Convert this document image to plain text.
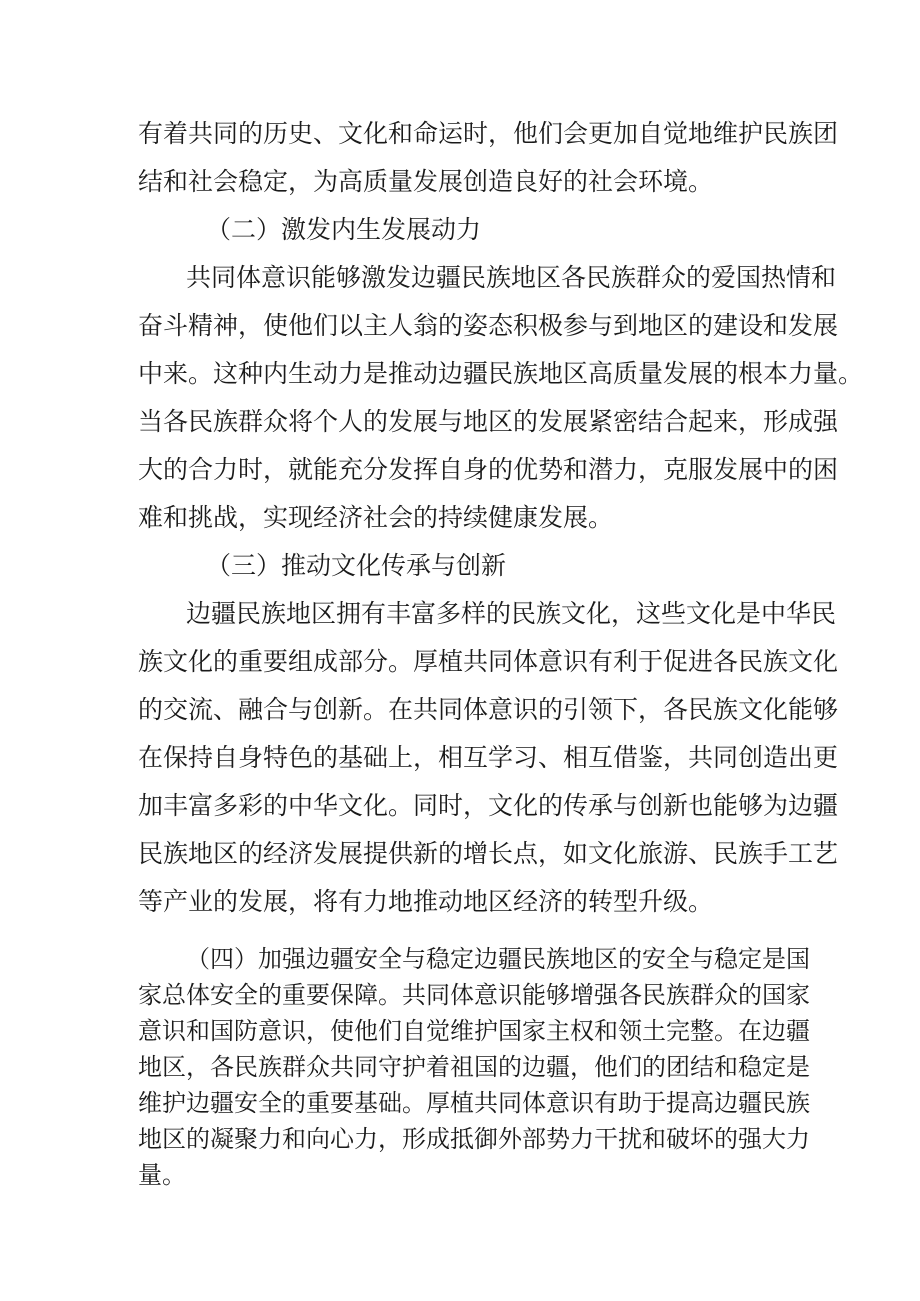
有着共同的历史、文化和命运时，他们会更加自觉地维护民族团
结和社会稳定，为高质量发展创造良好的社会环境。
（二）激发内生发展动力
共同体意识能够激发边疆民族地区各民族群众的爱国热情和
奋斗精神，使他们以主人翁的姿态积极参与到地区的建设和发展
中来。这种内生动力是推动边疆民族地区高质量发展的根本力量。
当各民族群众将个人的发展与地区的发展紧密结合起来，形成强
大的合力时，就能充分发挥自身的优势和潜力，克服发展中的困
难和挑战，实现经济社会的持续健康发展。
（三）推动文化传承与创新
边疆民族地区拥有丰富多样的民族文化，这些文化是中华民
族文化的重要组成部分。厚植共同体意识有利于促进各民族文化
的交流、融合与创新。在共同体意识的引领下，各民族文化能够
在保持自身特色的基础上，相互学习、相互借鉴，共同创造出更
加丰富多彩的中华文化。同时，文化的传承与创新也能够为边疆
民族地区的经济发展提供新的增长点，如文化旅游、民族手工艺
等产业的发展，将有力地推动地区经济的转型升级。
（四）加强边疆安全与稳定边疆民族地区的安全与稳定是国
家总体安全的重要保障。共同体意识能够增强各民族群众的国家
意识和国防意识，使他们自觉维护国家主权和领土完整。在边疆
地区，各民族群众共同守护着祖国的边疆，他们的团结和稳定是
维护边疆安全的重要基础。厚植共同体意识有助于提高边疆民族
地区的凝聚力和向心力，形成抵御外部势力干扰和破坏的强大力
量。
